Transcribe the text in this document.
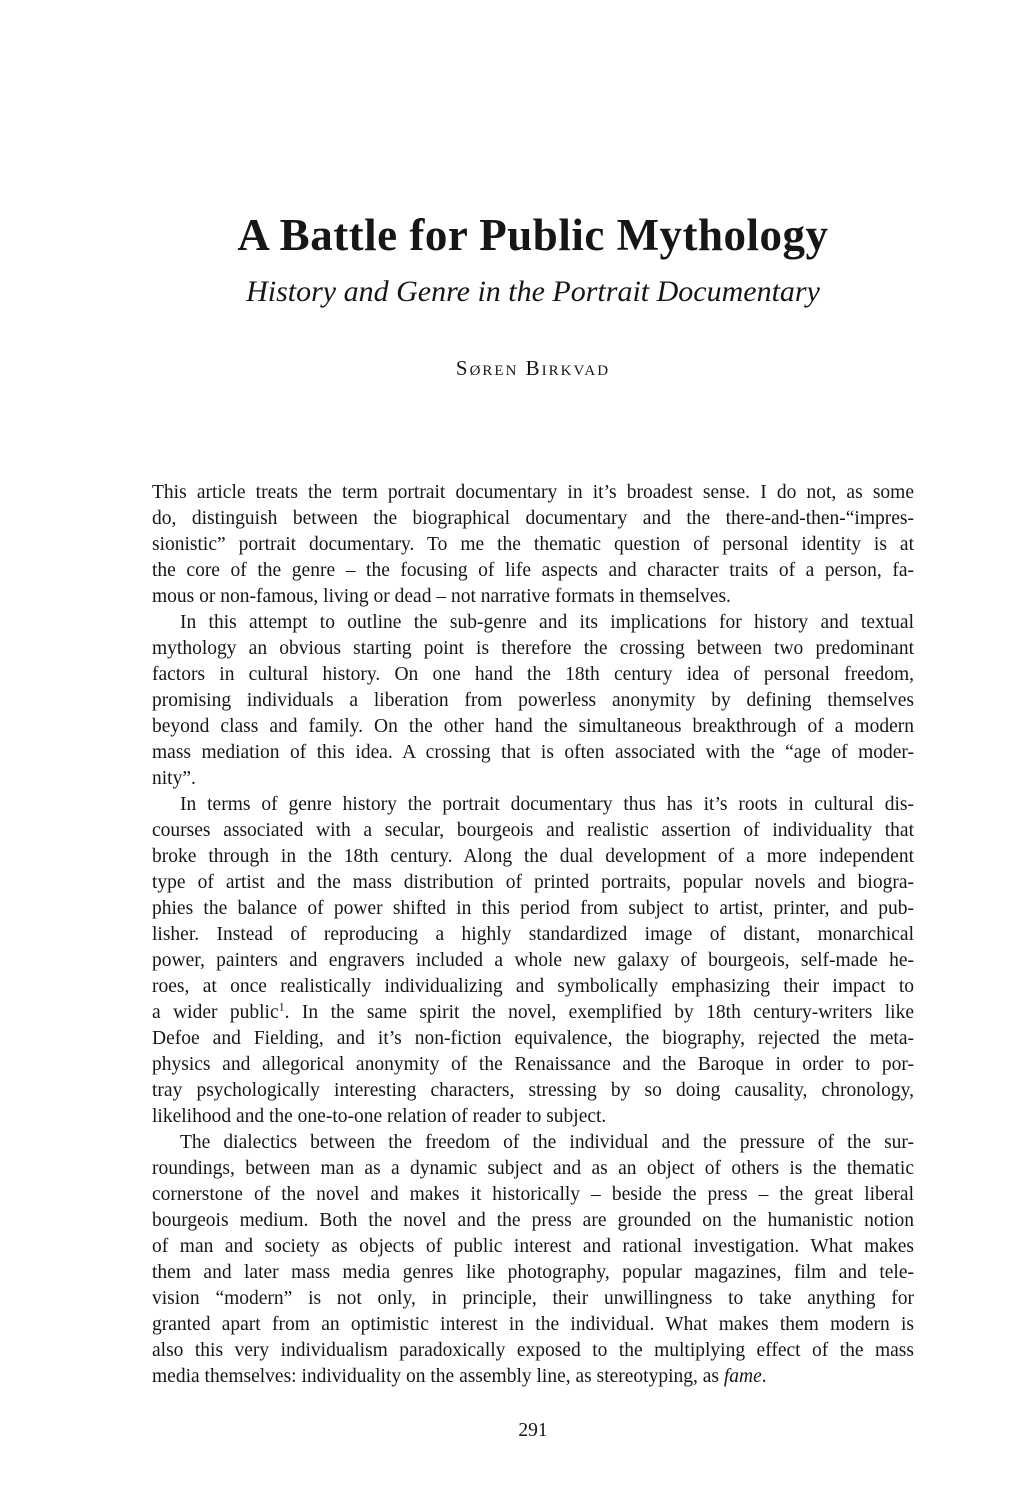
A Battle for Public Mythology
History and Genre in the Portrait Documentary
Søren Birkvad
This article treats the term portrait documentary in it’s broadest sense. I do not, as some
do, distinguish between the biographical documentary and the there-and-then-“impres-
sionistic” portrait documentary. To me the thematic question of personal identity is at
the core of the genre – the focusing of life aspects and character traits of a person, fa-
mous or non-famous, living or dead – not narrative formats in themselves.
In this attempt to outline the sub-genre and its implications for history and textual
mythology an obvious starting point is therefore the crossing between two predominant
factors in cultural history. On one hand the 18th century idea of personal freedom,
promising individuals a liberation from powerless anonymity by defining themselves
beyond class and family. On the other hand the simultaneous breakthrough of a modern
mass mediation of this idea. A crossing that is often associated with the “age of moder-
nity”.
In terms of genre history the portrait documentary thus has it’s roots in cultural dis-
courses associated with a secular, bourgeois and realistic assertion of individuality that
broke through in the 18th century. Along the dual development of a more independent
type of artist and the mass distribution of printed portraits, popular novels and biogra-
phies the balance of power shifted in this period from subject to artist, printer, and pub-
lisher. Instead of reproducing a highly standardized image of distant, monarchical
power, painters and engravers included a whole new galaxy of bourgeois, self-made he-
roes, at once realistically individualizing and symbolically emphasizing their impact to
a wider public$^1$. In the same spirit the novel, exemplified by 18th century-writers like
Defoe and Fielding, and it’s non-fiction equivalence, the biography, rejected the meta-
physics and allegorical anonymity of the Renaissance and the Baroque in order to por-
tray psychologically interesting characters, stressing by so doing causality, chronology,
likelihood and the one-to-one relation of reader to subject.
The dialectics between the freedom of the individual and the pressure of the sur-
roundings, between man as a dynamic subject and as an object of others is the thematic
cornerstone of the novel and makes it historically – beside the press – the great liberal
bourgeois medium. Both the novel and the press are grounded on the humanistic notion
of man and society as objects of public interest and rational investigation. What makes
them and later mass media genres like photography, popular magazines, film and tele-
vision “modern” is not only, in principle, their unwillingness to take anything for
granted apart from an optimistic interest in the individual. What makes them modern is
also this very individualism paradoxically exposed to the multiplying effect of the mass
media themselves: individuality on the assembly line, as stereotyping, as fame.
291
